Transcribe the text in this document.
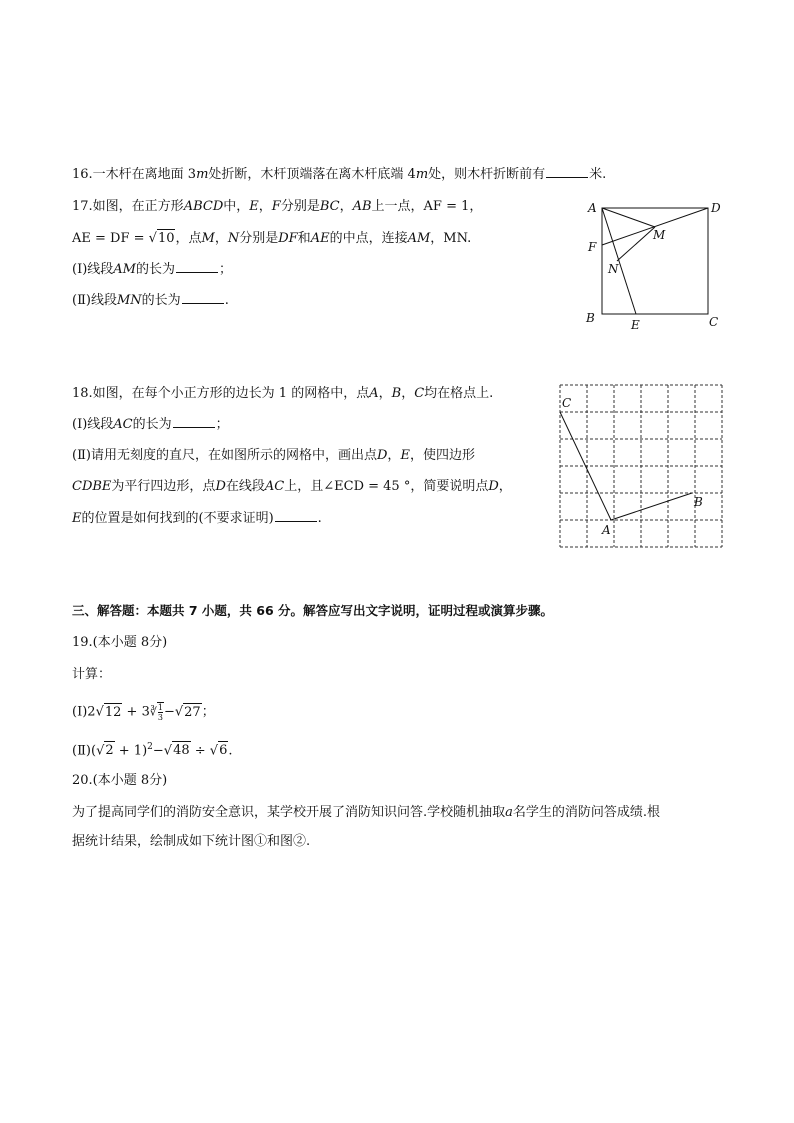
16.一木杆在离地面 3m处折断，木杆顶端落在离木杆底端 4m处，则木杆折断前有	米.
17.如图，在正方形ABCD中，E，F分别是BC，AB上一点，AF = 1，
AE = DF = √10，点M，N分别是DF和AE的中点，连接AM，MN.
(Ⅰ)线段AM的长为	；
(Ⅱ)线段MN的长为	.
A	D
F
M
N
B	E	C
18.如图，在每个小正方形的边长为 1 的网格中，点A，B，C均在格点上.
(Ⅰ)线段AC的长为	；
(Ⅱ)请用无刻度的直尺，在如图所示的网格中，画出点D，E，使四边形
CDBE为平行四边形，点D在线段AC上，且∠ECD = 45 °，简要说明点D，
E的位置是如何找到的(不要求证明)	.
C
A
B
三、解答题：本题共 7 小题，共 66 分。解答应写出文字说明，证明过程或演算步骤。
19.(本小题 8分)
计算：
(Ⅰ)2√12 + 3∛ $\frac{1}{3} -√27$；
(Ⅱ)(√2 + 1)$^2$−√48 ÷ √6.
20.(本小题 8分)
为了提高同学们的消防安全意识，某学校开展了消防知识问答.学校随机抽取a名学生的消防问答成绩.根
据统计结果，绘制成如下统计图①和图②.
